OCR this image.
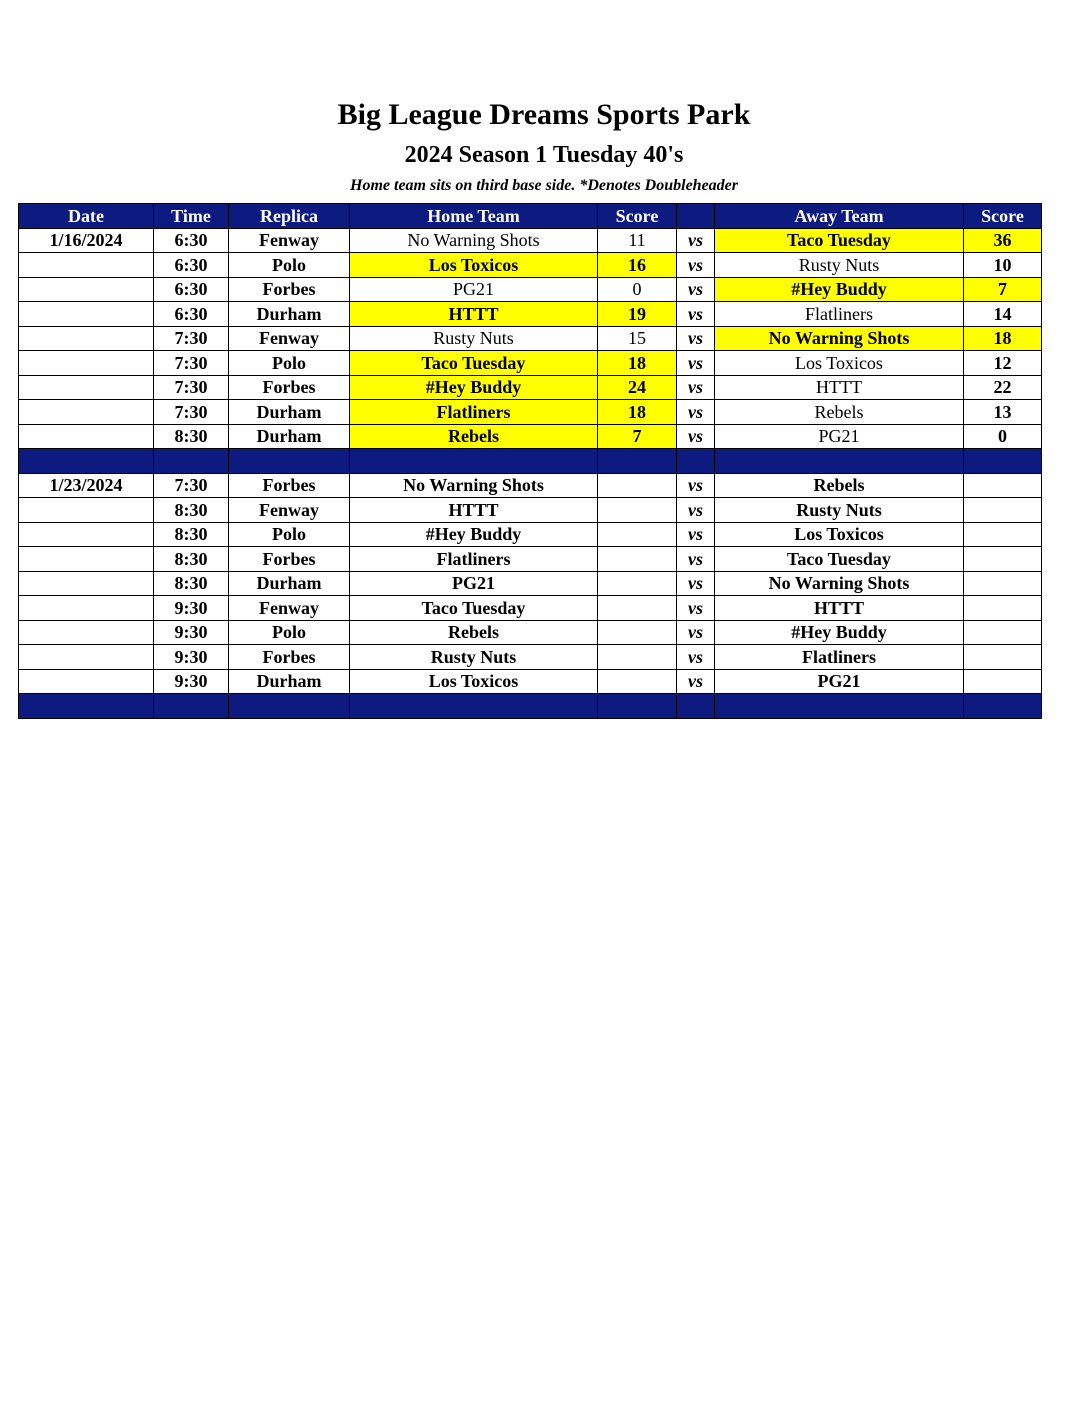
Big League Dreams Sports Park
2024 Season 1 Tuesday 40's
Home team sits on third base side. *Denotes Doubleheader
Date	Time	Replica	Home Team	Score		Away Team	Score
1/16/2024	6:30	Fenway	No Warning Shots	11	vs	Taco Tuesday	36
	6:30	Polo	Los Toxicos	16	vs	Rusty Nuts	10
	6:30	Forbes	PG21	0	vs	#Hey Buddy	7
	6:30	Durham	HTTT	19	vs	Flatliners	14
	7:30	Fenway	Rusty Nuts	15	vs	No Warning Shots	18
	7:30	Polo	Taco Tuesday	18	vs	Los Toxicos	12
	7:30	Forbes	#Hey Buddy	24	vs	HTTT	22
	7:30	Durham	Flatliners	18	vs	Rebels	13
	8:30	Durham	Rebels	7	vs	PG21	0

1/23/2024	7:30	Forbes	No Warning Shots		vs	Rebels	
	8:30	Fenway	HTTT		vs	Rusty Nuts	
	8:30	Polo	#Hey Buddy		vs	Los Toxicos	
	8:30	Forbes	Flatliners		vs	Taco Tuesday	
	8:30	Durham	PG21		vs	No Warning Shots	
	9:30	Fenway	Taco Tuesday		vs	HTTT	
	9:30	Polo	Rebels		vs	#Hey Buddy	
	9:30	Forbes	Rusty Nuts		vs	Flatliners	
	9:30	Durham	Los Toxicos		vs	PG21	
